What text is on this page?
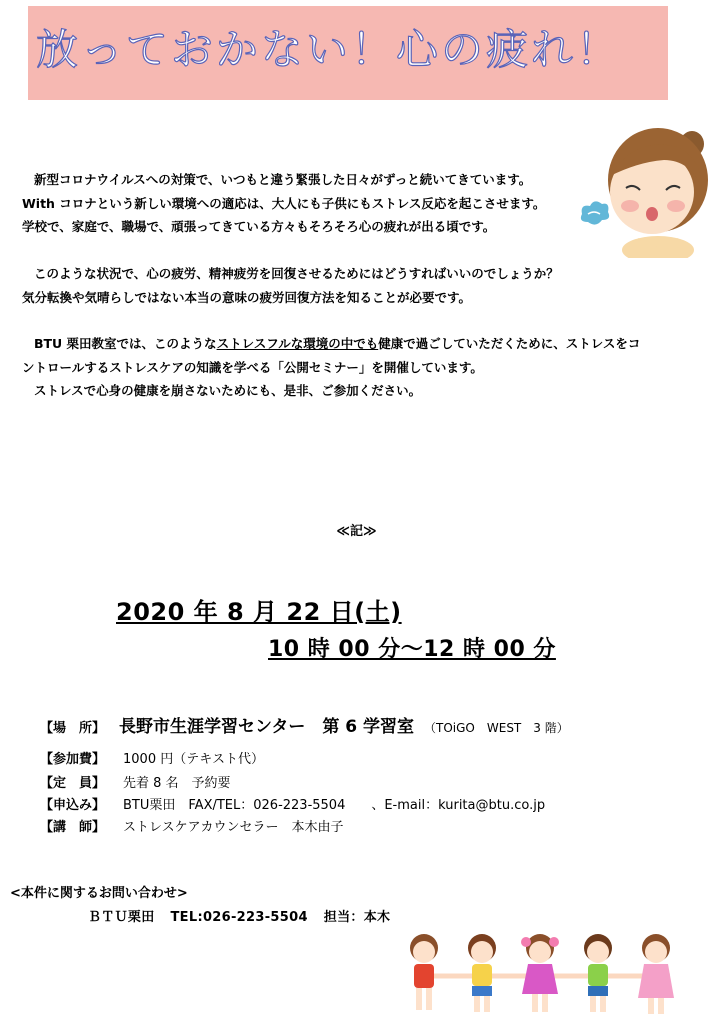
放っておかない！心の疲れ！

新型コロナウイルスへの対策で、いつもと違う緊張した日々がずっと続いてきています。

With コロナという新しい環境への適応は、大人にも子供にもストレス反応を起こさせます。

学校で、家庭で、職場で、頑張ってきている方々もそろそろ心の疲れが出る頃です。

このような状況で、心の疲労、精神疲労を回復させるためにはどうすればいいのでしょうか？

気分転換や気晴らしではない本当の意味の疲労回復方法を知ることが必要です。

BTU 栗田教室では、このようなストレスフルな環境の中でも健康で過ごしていただくために、ストレスをコ

ントロールするストレスケアの知識を学べる「公開セミナー」を開催しています。

ストレスで心身の健康を崩さないためにも、是非、ご参加ください。

≪記≫
2020 年 8 月 22 日(土)
10 時 00 分〜12 時 00 分
【場　所】 長野市生涯学習センター　第 6 学習室 （TOiGO　WEST　3 階）
【参加費】 1000 円（テキスト代）
【定　員】 先着 8 名　予約要
【申込み】 BTU栗田　FAX/TEL：026-223-5504　　、E-mail：kurita@btu.co.jp
【講　師】 ストレスケアカウンセラー　本木由子
<本件に関するお問い合わせ>
ＢＴＵ栗田 TEL:026-223-5504 担当：本木
